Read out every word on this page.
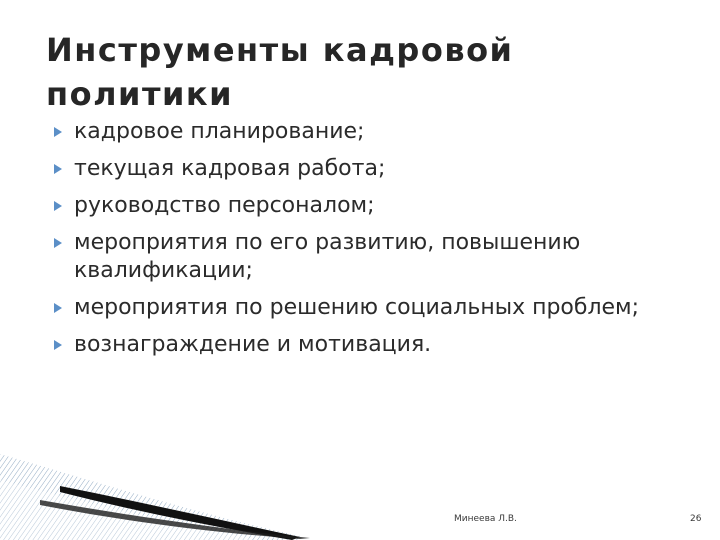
Инструменты кадровой политики
кадровое планирование;
текущая кадровая работа;
руководство персоналом;
мероприятия по его развитию, повышению квалификации;
мероприятия по решению социальных проблем;
вознаграждение и мотивация.
Минеева Л.В.	26
